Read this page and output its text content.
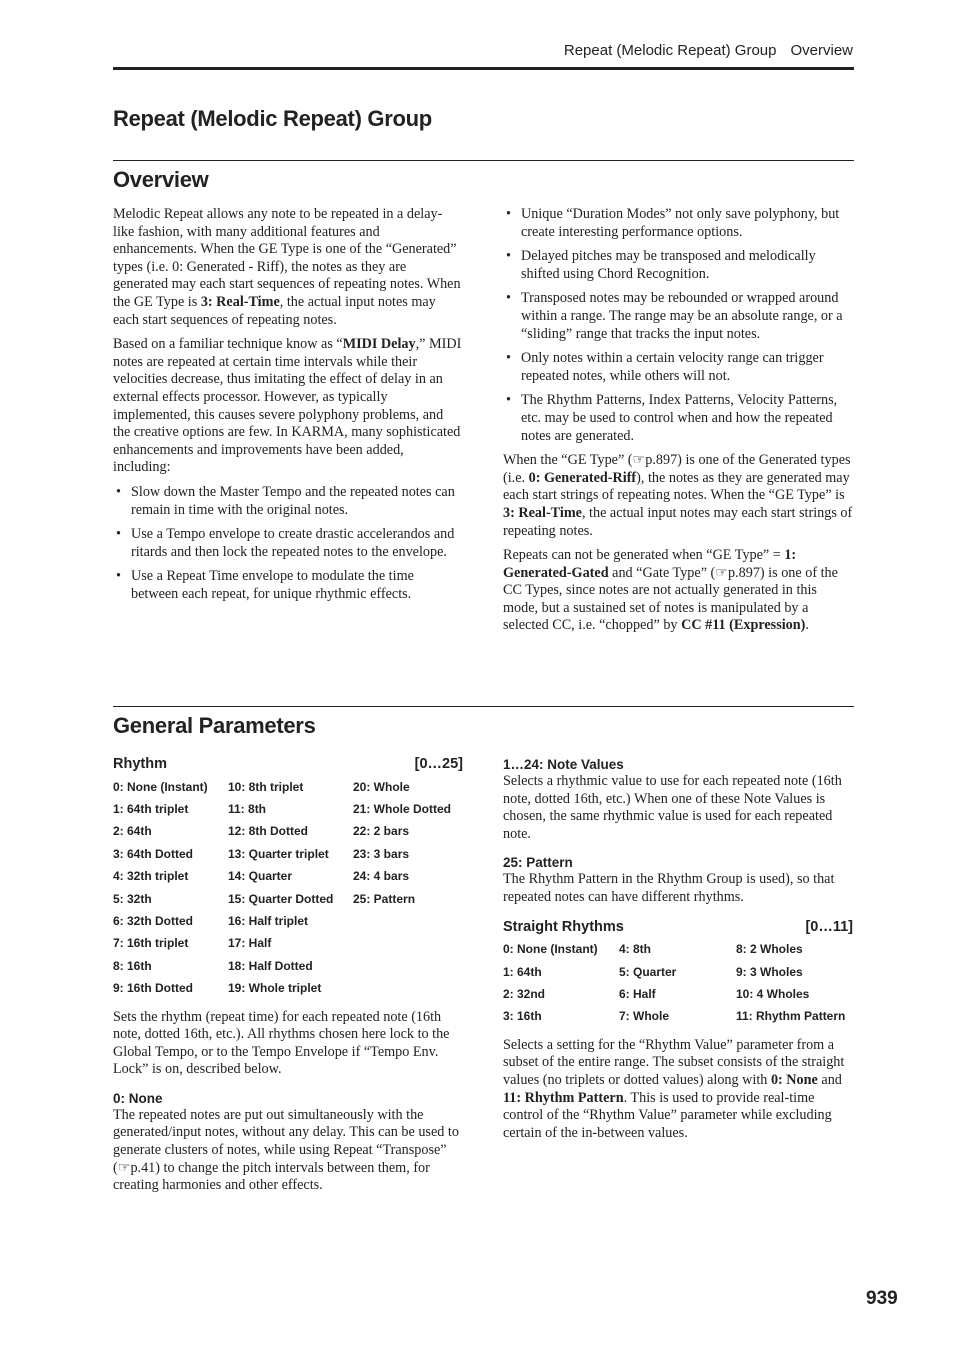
Repeat (Melodic Repeat) Group Overview
Repeat (Melodic Repeat) Group
Overview

Melodic Repeat allows any note to be repeated in a delay-like fashion, with many additional features and enhancements. When the GE Type is one of the “Generated” types (i.e. 0: Generated - Riff), the notes as they are generated may each start sequences of repeating notes. When the GE Type is 3: Real-Time, the actual input notes may each start sequences of repeating notes.

Based on a familiar technique know as “MIDI Delay,” MIDI notes are repeated at certain time intervals while their velocities decrease, thus imitating the effect of delay in an external effects processor. However, as typically implemented, this causes severe polyphony problems, and the creative options are few. In KARMA, many sophisticated enhancements and improvements have been added, including:

• Slow down the Master Tempo and the repeated notes can remain in time with the original notes.
• Use a Tempo envelope to create drastic accelerandos and ritards and then lock the repeated notes to the envelope.
• Use a Repeat Time envelope to modulate the time between each repeat, for unique rhythmic effects.
• Unique “Duration Modes” not only save polyphony, but create interesting performance options.
• Delayed pitches may be transposed and melodically shifted using Chord Recognition.
• Transposed notes may be rebounded or wrapped around within a range. The range may be an absolute range, or a “sliding” range that tracks the input notes.
• Only notes within a certain velocity range can trigger repeated notes, while others will not.
• The Rhythm Patterns, Index Patterns, Velocity Patterns, etc. may be used to control when and how the repeated notes are generated.

When the “GE Type” (☞p.897) is one of the Generated types (i.e. 0: Generated-Riff), the notes as they are generated may each start strings of repeating notes. When the “GE Type” is 3: Real-Time, the actual input notes may each start strings of repeating notes.

Repeats can not be generated when “GE Type” = 1: Generated-Gated and “Gate Type” (☞p.897) is one of the CC Types, since notes are not actually generated in this mode, but a sustained set of notes is manipulated by a selected CC, i.e. “chopped” by CC #11 (Expression).

General Parameters
Rhythm	[0…25]
0: None (Instant)	10: 8th triplet	20: Whole
1: 64th triplet	11: 8th	21: Whole Dotted
2: 64th	12: 8th Dotted	22: 2 bars
3: 64th Dotted	13: Quarter triplet	23: 3 bars
4: 32th triplet	14: Quarter	24: 4 bars
5: 32th	15: Quarter Dotted	25: Pattern
6: 32th Dotted	16: Half triplet
7: 16th triplet	17: Half
8: 16th	18: Half Dotted
9: 16th Dotted	19: Whole triplet

Sets the rhythm (repeat time) for each repeated note (16th note, dotted 16th, etc.). All rhythms chosen here lock to the Global Tempo, or to the Tempo Envelope if “Tempo Env. Lock” is on, described below.

0: None

The repeated notes are put out simultaneously with the generated/input notes, without any delay. This can be used to generate clusters of notes, while using Repeat “Transpose” (☞p.41) to change the pitch intervals between them, for creating harmonies and other effects.

1…24: Note Values

Selects a rhythmic value to use for each repeated note (16th note, dotted 16th, etc.) When one of these Note Values is chosen, the same rhythmic value is used for each repeated note.

25: Pattern

The Rhythm Pattern in the Rhythm Group is used), so that repeated notes can have different rhythms.

Straight Rhythms	[0…11]
0: None (Instant)	4: 8th	8: 2 Wholes
1: 64th	5: Quarter	9: 3 Wholes
2: 32nd	6: Half	10: 4 Wholes
3: 16th	7: Whole	11: Rhythm Pattern

Selects a setting for the “Rhythm Value” parameter from a subset of the entire range. The subset consists of the straight values (no triplets or dotted values) along with 0: None and 11: Rhythm Pattern. This is used to provide real-time control of the “Rhythm Value” parameter while excluding certain of the in-between values.

939
